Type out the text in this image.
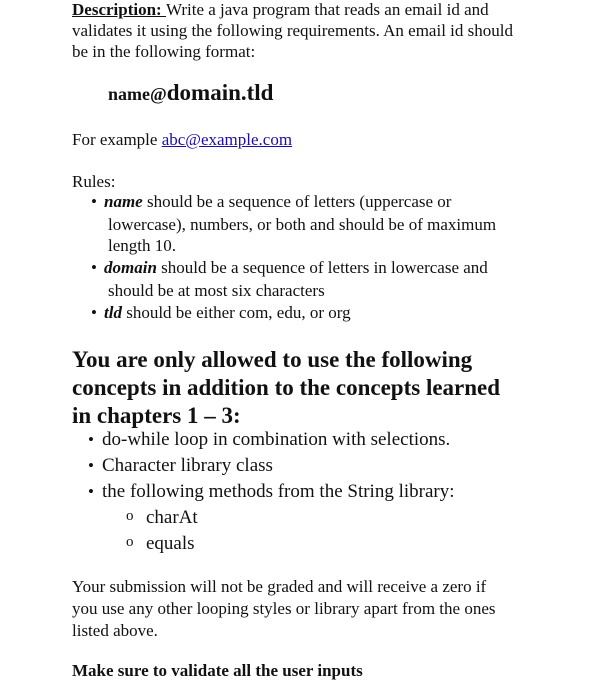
Description: Write a java program that reads an email id and
validates it using the following requirements. An email id should
be in the following format:
name@domain.tld
For example abc@example.com
Rules:
• name should be a sequence of letters (uppercase or
lowercase), numbers, or both and should be of maximum
length 10.
• domain should be a sequence of letters in lowercase and
should be at most six characters
• tld should be either com, edu, or org
You are only allowed to use the following
concepts in addition to the concepts learned
in chapters 1 – 3:
• do-while loop in combination with selections.
• Character library class
• the following methods from the String library:
o charAt
o equals
Your submission will not be graded and will receive a zero if
you use any other looping styles or library apart from the ones
listed above.
Make sure to validate all the user inputs
